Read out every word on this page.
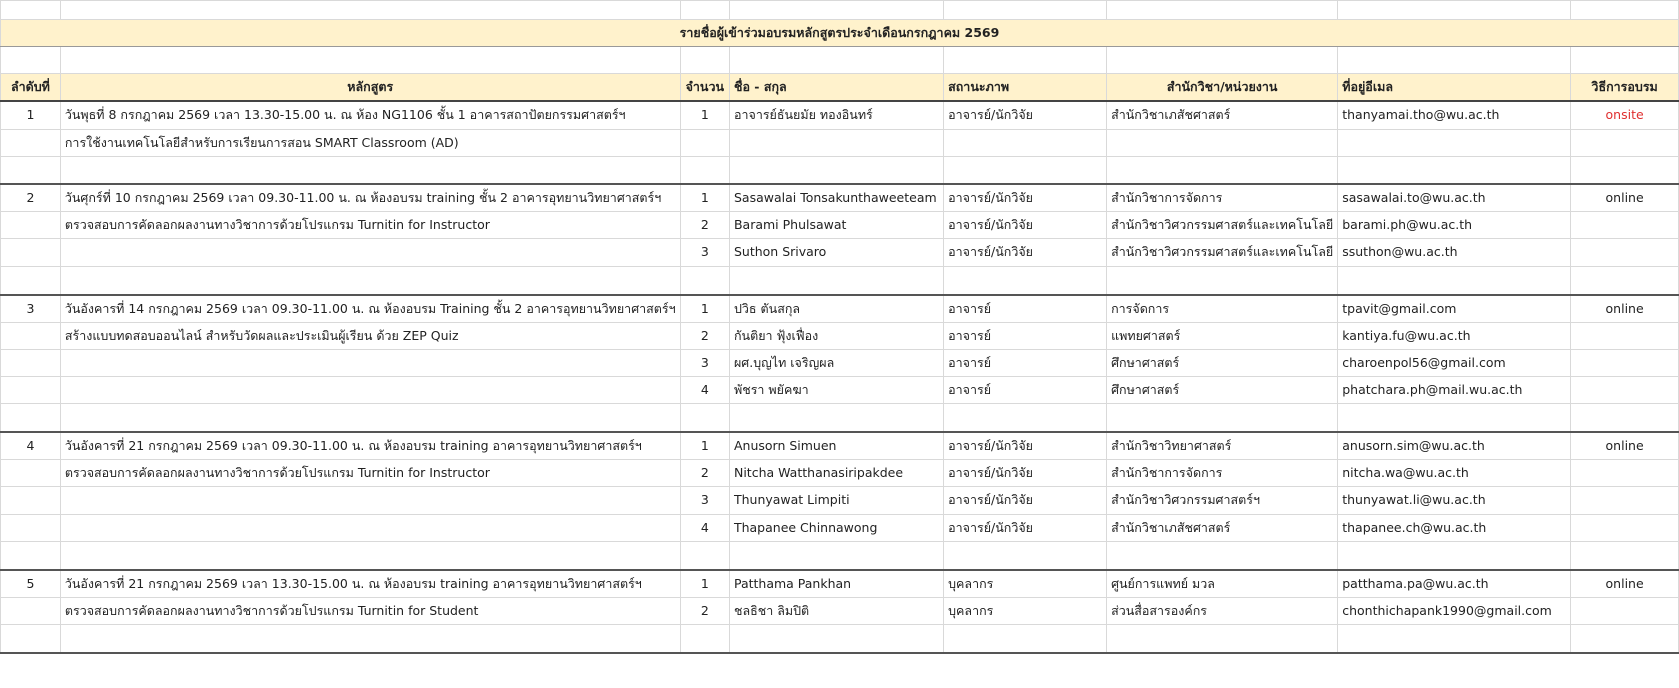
รายชื่อผู้เข้าร่วมอบรมหลักสูตรประจำเดือนกรกฎาคม 2569							

ลำดับที่	หลักสูตร	จำนวน	ชื่อ - สกุล	สถานะภาพ	สำนักวิชา/หน่วยงาน	ที่อยู่อีเมล	วิธีการอบรม
1	วันพุธที่ 8 กรกฎาคม 2569 เวลา 13.30-15.00 น. ณ ห้อง NG1106 ชั้น 1 อาคารสถาปัตยกรรมศาสตร์ฯ	1	อาจารย์ธันยมัย ทองอินทร์	อาจารย์/นักวิจัย	สำนักวิชาเภสัชศาสตร์	thanyamai.tho@wu.ac.th	onsite
	การใช้งานเทคโนโลยีสำหรับการเรียนการสอน SMART Classroom (AD)						

2	วันศุกร์ที่ 10 กรกฎาคม 2569 เวลา 09.30-11.00 น. ณ ห้องอบรม training ชั้น 2 อาคารอุทยานวิทยาศาสตร์ฯ	1	Sasawalai Tonsakunthaweeteam	อาจารย์/นักวิจัย	สำนักวิชาการจัดการ	sasawalai.to@wu.ac.th	online
	ตรวจสอบการคัดลอกผลงานทางวิชาการด้วยโปรแกรม Turnitin for Instructor	2	Barami Phulsawat	อาจารย์/นักวิจัย	สำนักวิชาวิศวกรรมศาสตร์และเทคโนโลยี	barami.ph@wu.ac.th	
		3	Suthon Srivaro	อาจารย์/นักวิจัย	สำนักวิชาวิศวกรรมศาสตร์และเทคโนโลยี	ssuthon@wu.ac.th	

3	วันอังคารที่ 14 กรกฎาคม 2569 เวลา 09.30-11.00 น. ณ ห้องอบรม Training ชั้น 2 อาคารอุทยานวิทยาศาสตร์ฯ	1	ปวิธ ตันสกุล	อาจารย์	การจัดการ	tpavit@gmail.com	online
	สร้างแบบทดสอบออนไลน์ สำหรับวัดผลและประเมินผู้เรียน ด้วย ZEP Quiz	2	กันติยา ฟุ้งเฟื่อง	อาจารย์	แพทยศาสตร์	kantiya.fu@wu.ac.th	
		3	ผศ.บุญไท เจริญผล	อาจารย์	ศึกษาศาสตร์	charoenpol56@gmail.com	
		4	พัชรา พยัคฆา	อาจารย์	ศึกษาศาสตร์	phatchara.ph@mail.wu.ac.th	

4	วันอังคารที่ 21 กรกฎาคม 2569 เวลา 09.30-11.00 น. ณ ห้องอบรม training อาคารอุทยานวิทยาศาสตร์ฯ	1	Anusorn Simuen	อาจารย์/นักวิจัย	สำนักวิชาวิทยาศาสตร์	anusorn.sim@wu.ac.th	online
	ตรวจสอบการคัดลอกผลงานทางวิชาการด้วยโปรแกรม Turnitin for Instructor	2	Nitcha Watthanasiripakdee	อาจารย์/นักวิจัย	สำนักวิชาการจัดการ	nitcha.wa@wu.ac.th	
		3	Thunyawat Limpiti	อาจารย์/นักวิจัย	สำนักวิชาวิศวกรรมศาสตร์ฯ	thunyawat.li@wu.ac.th	
		4	Thapanee Chinnawong	อาจารย์/นักวิจัย	สำนักวิชาเภสัชศาสตร์	thapanee.ch@wu.ac.th	

5	วันอังคารที่ 21 กรกฎาคม 2569 เวลา 13.30-15.00 น. ณ ห้องอบรม training อาคารอุทยานวิทยาศาสตร์ฯ	1	Patthama Pankhan	บุคลากร	ศูนย์การแพทย์ มวล	patthama.pa@wu.ac.th	online
	ตรวจสอบการคัดลอกผลงานทางวิชาการด้วยโปรแกรม Turnitin for Student	2	ชลธิชา ลิมปิติ	บุคลากร	ส่วนสื่อสารองค์กร	chonthichapank1990@gmail.com	
